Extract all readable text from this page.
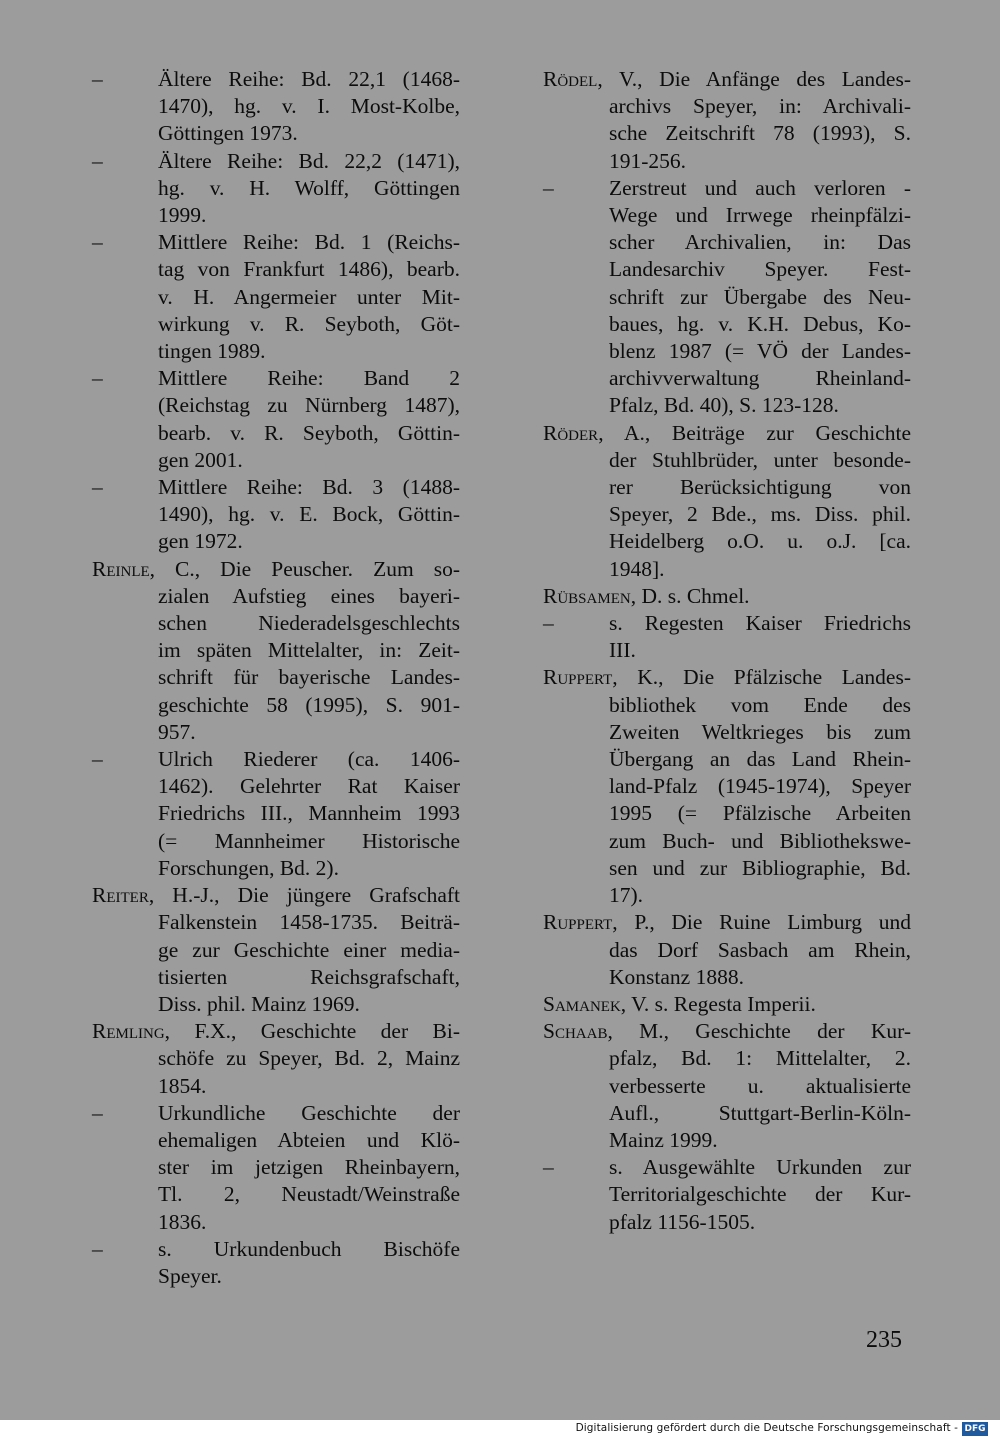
–	Ältere Reihe: Bd. 22,1 (1468-
1470), hg. v. I. Most-Kolbe,
Göttingen 1973.
–	Ältere Reihe: Bd. 22,2 (1471),
hg. v. H. Wolff, Göttingen
1999.
–	Mittlere Reihe: Bd. 1 (Reichs-
tag von Frankfurt 1486), bearb.
v. H. Angermeier unter Mit-
wirkung v. R. Seyboth, Göt-
tingen 1989.
–	Mittlere Reihe: Band 2
(Reichstag zu Nürnberg 1487),
bearb. v. R. Seyboth, Göttin-
gen 2001.
–	Mittlere Reihe: Bd. 3 (1488-
1490), hg. v. E. Bock, Göttin-
gen 1972.
Reinle, C., Die Peuscher. Zum so-
zialen Aufstieg eines bayeri-
schen Niederadelsgeschlechts
im späten Mittelalter, in: Zeit-
schrift für bayerische Landes-
geschichte 58 (1995), S. 901-
957.
–	Ulrich Riederer (ca. 1406-
1462). Gelehrter Rat Kaiser
Friedrichs III., Mannheim 1993
(= Mannheimer Historische
Forschungen, Bd. 2).
Reiter, H.-J., Die jüngere Grafschaft
Falkenstein 1458-1735. Beiträ-
ge zur Geschichte einer media-
tisierten Reichsgrafschaft,
Diss. phil. Mainz 1969.
Remling, F.X., Geschichte der Bi-
schöfe zu Speyer, Bd. 2, Mainz
1854.
–	Urkundliche Geschichte der
ehemaligen Abteien und Klö-
ster im jetzigen Rheinbayern,
Tl. 2, Neustadt/Weinstraße
1836.
–	s. Urkundenbuch Bischöfe
Speyer.
Rödel, V., Die Anfänge des Landes-
archivs Speyer, in: Archivali-
sche Zeitschrift 78 (1993), S.
191-256.
–	Zerstreut und auch verloren -
Wege und Irrwege rheinpfälzi-
scher Archivalien, in: Das
Landesarchiv Speyer. Fest-
schrift zur Übergabe des Neu-
baues, hg. v. K.H. Debus, Ko-
blenz 1987 (= VÖ der Landes-
archivverwaltung Rheinland-
Pfalz, Bd. 40), S. 123-128.
Röder, A., Beiträge zur Geschichte
der Stuhlbrüder, unter besonde-
rer Berücksichtigung von
Speyer, 2 Bde., ms. Diss. phil.
Heidelberg o.O. u. o.J. [ca.
1948].
Rübsamen, D. s. Chmel.
–	s. Regesten Kaiser Friedrichs
III.
Ruppert, K., Die Pfälzische Landes-
bibliothek vom Ende des
Zweiten Weltkrieges bis zum
Übergang an das Land Rhein-
land-Pfalz (1945-1974), Speyer
1995 (= Pfälzische Arbeiten
zum Buch- und Bibliothekswe-
sen und zur Bibliographie, Bd.
17).
Ruppert, P., Die Ruine Limburg und
das Dorf Sasbach am Rhein,
Konstanz 1888.
Samanek, V. s. Regesta Imperii.
Schaab, M., Geschichte der Kur-
pfalz, Bd. 1: Mittelalter, 2.
verbesserte u. aktualisierte
Aufl., Stuttgart-Berlin-Köln-
Mainz 1999.
–	s. Ausgewählte Urkunden zur
Territorialgeschichte der Kur-
pfalz 1156-1505.
235
Digitalisierung gefördert durch die Deutsche Forschungsgemeinschaft - DFG
